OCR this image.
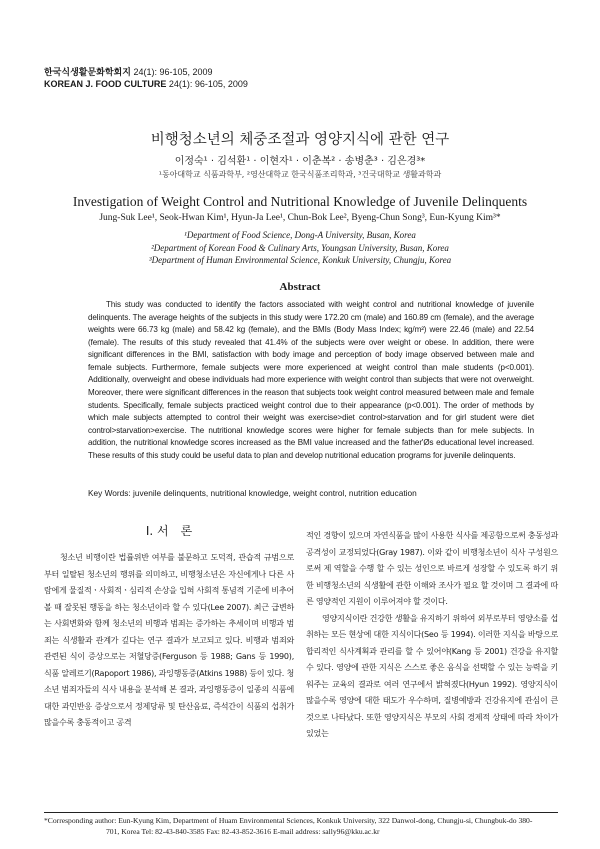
한국식생활문화학회지 24(1): 96-105, 2009
KOREAN J. FOOD CULTURE 24(1): 96-105, 2009
비행청소년의 체중조절과 영양지식에 관한 연구
이정숙¹ · 김석환¹ · 이현자¹ · 이춘복² · 송병춘³ · 김은경³*
¹동아대학교 식품과학부, ²영산대학교 한국식품조리학과, ³건국대학교 생활과학과
Investigation of Weight Control and Nutritional Knowledge of Juvenile Delinquents
Jung-Suk Lee¹, Seok-Hwan Kim¹, Hyun-Ja Lee¹, Chun-Bok Lee², Byeng-Chun Song³, Eun-Kyung Kim³*
¹Department of Food Science, Dong-A University, Busan, Korea
²Department of Korean Food & Culinary Arts, Youngsan University, Busan, Korea
³Department of Human Environmental Science, Konkuk University, Chungju, Korea
Abstract
This study was conducted to identify the factors associated with weight control and nutritional knowledge of juvenile delinquents. The average heights of the subjects in this study were 172.20 cm (male) and 160.89 cm (female), and the average weights were 66.73 kg (male) and 58.42 kg (female), and the BMIs (Body Mass Index; kg/m²) were 22.46 (male) and 22.54 (female). The results of this study revealed that 41.4% of the subjects were over weight or obese. In addition, there were significant differences in the BMI, satisfaction with body image and perception of body image observed between male and female subjects. Furthermore, female subjects were more experienced at weight control than male students (p<0.001). Additionally, overweight and obese individuals had more experience with weight control than subjects that were not overweight. Moreover, there were significant differences in the reason that subjects took weight control measured between male and female students. Specifically, female subjects practiced weight control due to their appearance (p<0.001). The order of methods by which male subjects attempted to control their weight was exercise>diet control>starvation and for girl student were diet control>starvation>exercise. The nutritional knowledge scores were higher for female subjects than for mele subjects. In addition, the nutritional knowledge scores increased as the BMI value increased and the father'Øs educational level increased. These results of this study could be useful data to plan and develop nutritional education programs for juvenile delinquents.
Key Words: juvenile delinquents, nutritional knowledge, weight control, nutrition education
I. 서　론

청소년 비행이란 법률위반 여부를 불문하고 도덕적, 관습적 규범으로부터 일탈된 청소년의 행위를 의미하고, 비행청소년은 자신에게나 다른 사람에게 물질적ㆍ사회적ㆍ심리적 손상을 입혀 사회적 통념적 기준에 비추어 볼 때 잘못된 행동을 하는 청소년이라 할 수 있다(Lee 2007). 최근 급변하는 사회변화와 함께 청소년의 비행과 범죄는 증가하는 추세이며 비행과 범죄는 식생활과 관계가 깊다는 연구 결과가 보고되고 있다. 비행과 범죄와 관련된 식이 증상으로는 저혈당증(Ferguson 등 1988; Gans 등 1990), 식품 알레르기(Rapoport 1986), 과잉행동증(Atkins 1988) 등이 있다. 청소년 범죄자들의 식사 내용을 분석해 본 결과, 과잉행동증이 일종의 식품에 대한 과민반응 증상으로서 정제당류 및 탄산음료, 즉석간이 식품의 섭취가 많을수록 충동적이고 공격

적인 경향이 있으며 자연식품을 많이 사용한 식사를 제공함으로써 충동성과 공격성이 교정되었다(Gray 1987). 이와 같이 비행청소년이 식사 구성원으로써 제 역할을 수행 할 수 있는 성인으로 바르게 성장할 수 있도록 하기 위한 비행청소년의 식생활에 관한 이해와 조사가 필요 할 것이며 그 결과에 따른 영양적인 지원이 이루어져야 할 것이다.

영양지식이란 건강한 생활을 유지하기 위하여 외부로부터 영양소를 섭취하는 모든 현상에 대한 지식이다(Seo 등 1994). 이러한 지식을 바탕으로 합리적인 식사계획과 관리를 할 수 있어야(Kang 등 2001) 건강을 유지할 수 있다. 영양에 관한 지식은 스스로 좋은 음식을 선택할 수 있는 능력을 키워주는 교육의 결과로 여러 연구에서 밝혀졌다(Hyun 1992). 영양지식이 많을수록 영양에 대한 태도가 우수하며, 질병예방과 건강유지에 관심이 큰 것으로 나타났다. 또한 영양지식은 부모의 사회 경제적 상태에 따라 차이가 있었는

*Corresponding author: Eun-Kyung Kim, Department of Huam Environmental Sciences, Konkuk University, 322 Danwol-dong, Chungju-si, Chungbuk-do 380-
701, Korea Tel: 82-43-840-3585 Fax: 82-43-852-3616 E-mail address: sally96@kku.ac.kr
